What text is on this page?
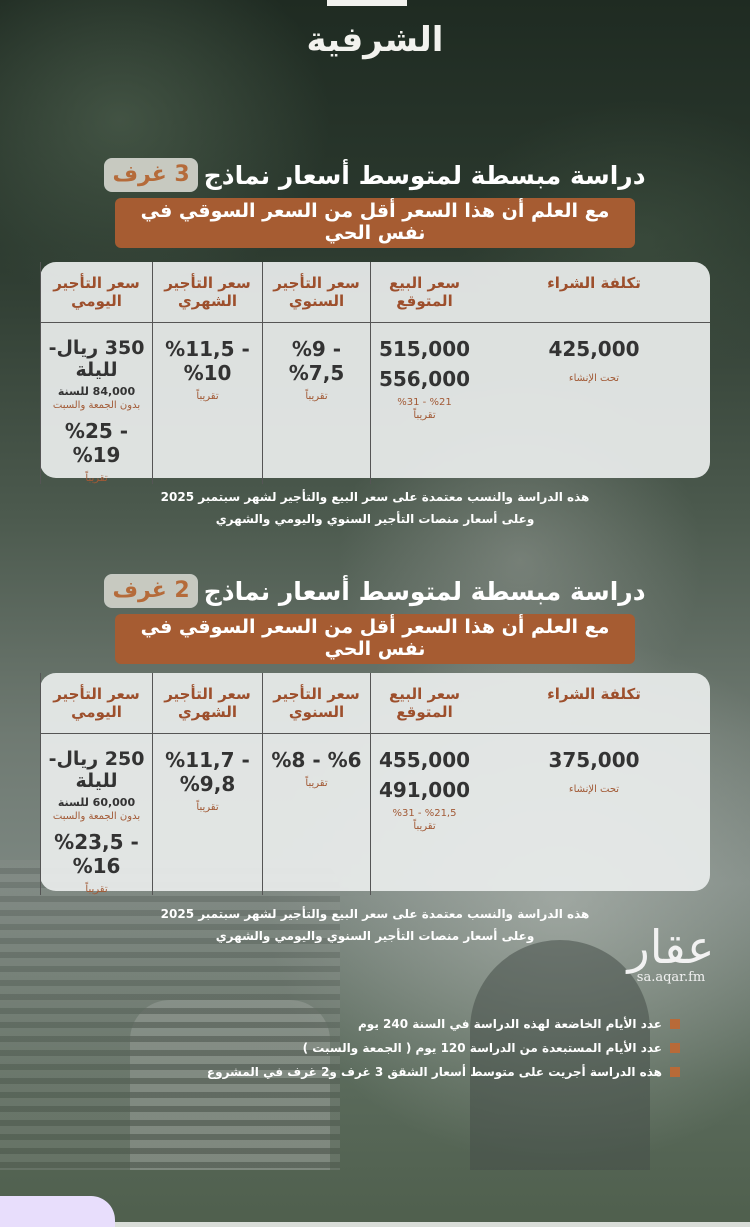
الشرفية
دراسة مبسطة لمتوسط أسعار نماذج
3 غرف
مع العلم أن هذا السعر أقل من السعر السوقي في نفس الحي
سعر التأجير اليومي
سعر التأجير الشهري
سعر التأجير السنوي
سعر البيع المتوقع
تكلفة الشراء
350 ريال- لليلة
84,000 للسنة
بدون الجمعة والسبت
%25 - %19
تقريباً
%11,5 - %10
تقريباً
%9 - %7,5
تقريباً
515,000
556,000
%31 - %21
تقريباً
425,000
تحت الإنشاء
هذه الدراسة والنسب معتمدة على سعر البيع والتأجير لشهر سبتمبر 2025
وعلى أسعار منصات التأجير السنوي واليومي والشهري
دراسة مبسطة لمتوسط أسعار نماذج
2 غرف
مع العلم أن هذا السعر أقل من السعر السوقي في نفس الحي
سعر التأجير اليومي
سعر التأجير الشهري
سعر التأجير السنوي
سعر البيع المتوقع
تكلفة الشراء
250 ريال- لليلة
60,000 للسنة
بدون الجمعة والسبت
%23,5 - %16
تقريباً
%11,7 - %9,8
تقريباً
%8 - %6
تقريباً
455,000
491,000
%31 - %21,5
تقريباً
375,000
تحت الإنشاء
هذه الدراسة والنسب معتمدة على سعر البيع والتأجير لشهر سبتمبر 2025
وعلى أسعار منصات التأجير السنوي واليومي والشهري	عقار
sa.aqar.fm
عدد الأيام الخاضعة لهذه الدراسة في السنة 240 يوم
عدد الأيام المستبعدة من الدراسة 120 يوم ( الجمعة والسبت )
هذه الدراسة أجريت على متوسط أسعار الشقق 3 غرف و2 غرف في المشروع
